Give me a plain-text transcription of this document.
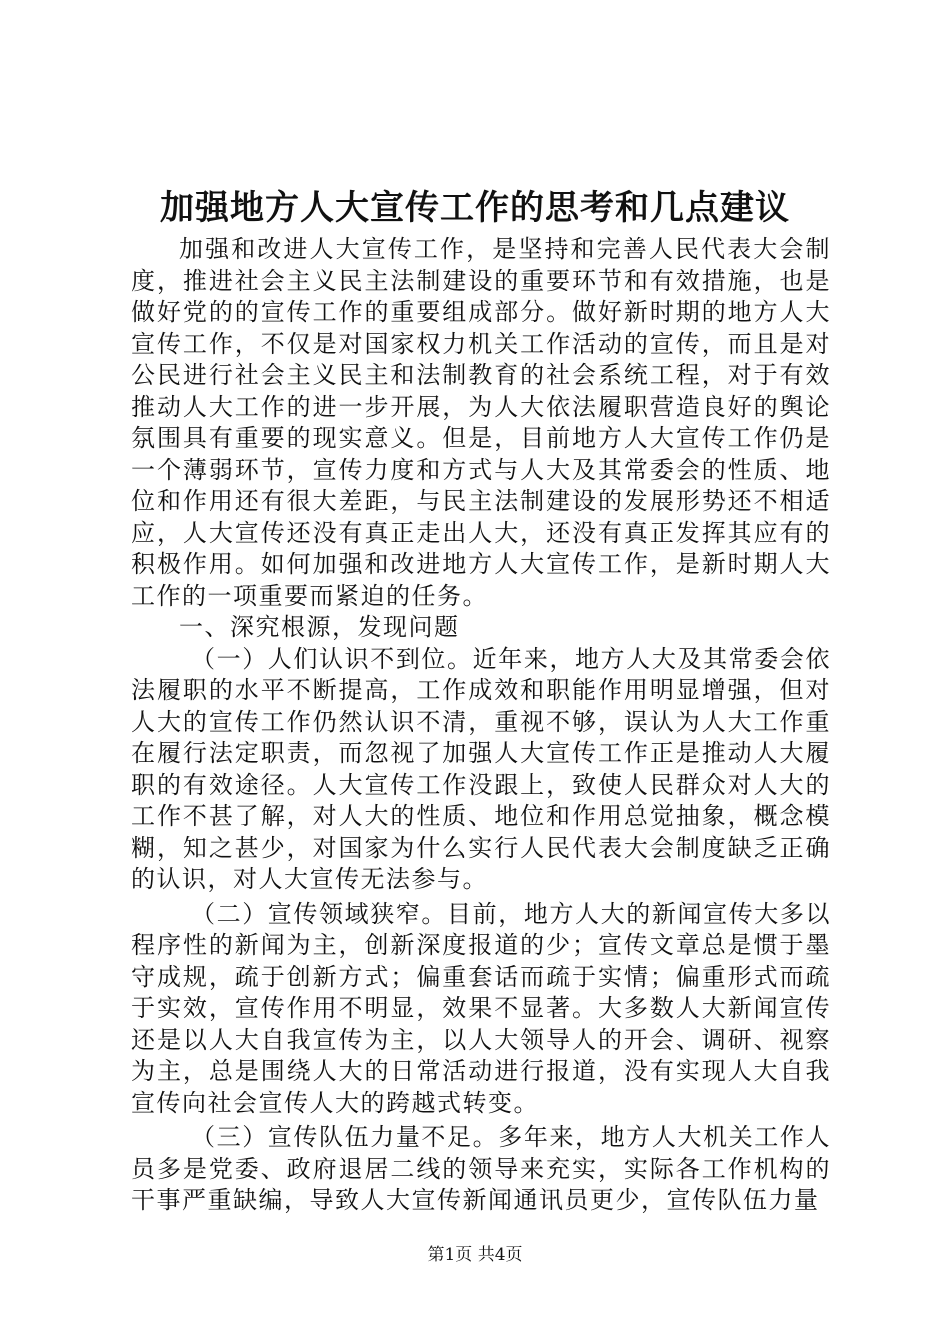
加强地方人大宣传工作的思考和几点建议

加强和改进人大宣传工作，是坚持和完善人民代表大会制度，推进社会主义民主法制建设的重要环节和有效措施，也是做好党的的宣传工作的重要组成部分。做好新时期的地方人大宣传工作，不仅是对国家权力机关工作活动的宣传，而且是对公民进行社会主义民主和法制教育的社会系统工程，对于有效推动人大工作的进一步开展，为人大依法履职营造良好的舆论氛围具有重要的现实意义。但是，目前地方人大宣传工作仍是一个薄弱环节，宣传力度和方式与人大及其常委会的性质、地位和作用还有很大差距，与民主法制建设的发展形势还不相适应，人大宣传还没有真正走出人大，还没有真正发挥其应有的积极作用。如何加强和改进地方人大宣传工作，是新时期人大工作的一项重要而紧迫的任务。

一、深究根源，发现问题

（一）人们认识不到位。近年来，地方人大及其常委会依法履职的水平不断提高，工作成效和职能作用明显增强，但对人大的宣传工作仍然认识不清，重视不够，误认为人大工作重在履行法定职责，而忽视了加强人大宣传工作正是推动人大履职的有效途径。人大宣传工作没跟上，致使人民群众对人大的工作不甚了解，对人大的性质、地位和作用总觉抽象，概念模糊，知之甚少，对国家为什么实行人民代表大会制度缺乏正确的认识，对人大宣传无法参与。

（二）宣传领域狭窄。目前，地方人大的新闻宣传大多以程序性的新闻为主，创新深度报道的少；宣传文章总是惯于墨守成规，疏于创新方式；偏重套话而疏于实情；偏重形式而疏于实效，宣传作用不明显，效果不显著。大多数人大新闻宣传还是以人大自我宣传为主，以人大领导人的开会、调研、视察为主，总是围绕人大的日常活动进行报道，没有实现人大自我宣传向社会宣传人大的跨越式转变。

（三）宣传队伍力量不足。多年来，地方人大机关工作人员多是党委、政府退居二线的领导来充实，实际各工作机构的干事严重缺编，导致人大宣传新闻通讯员更少，宣传队伍力量

第1页 共4页
